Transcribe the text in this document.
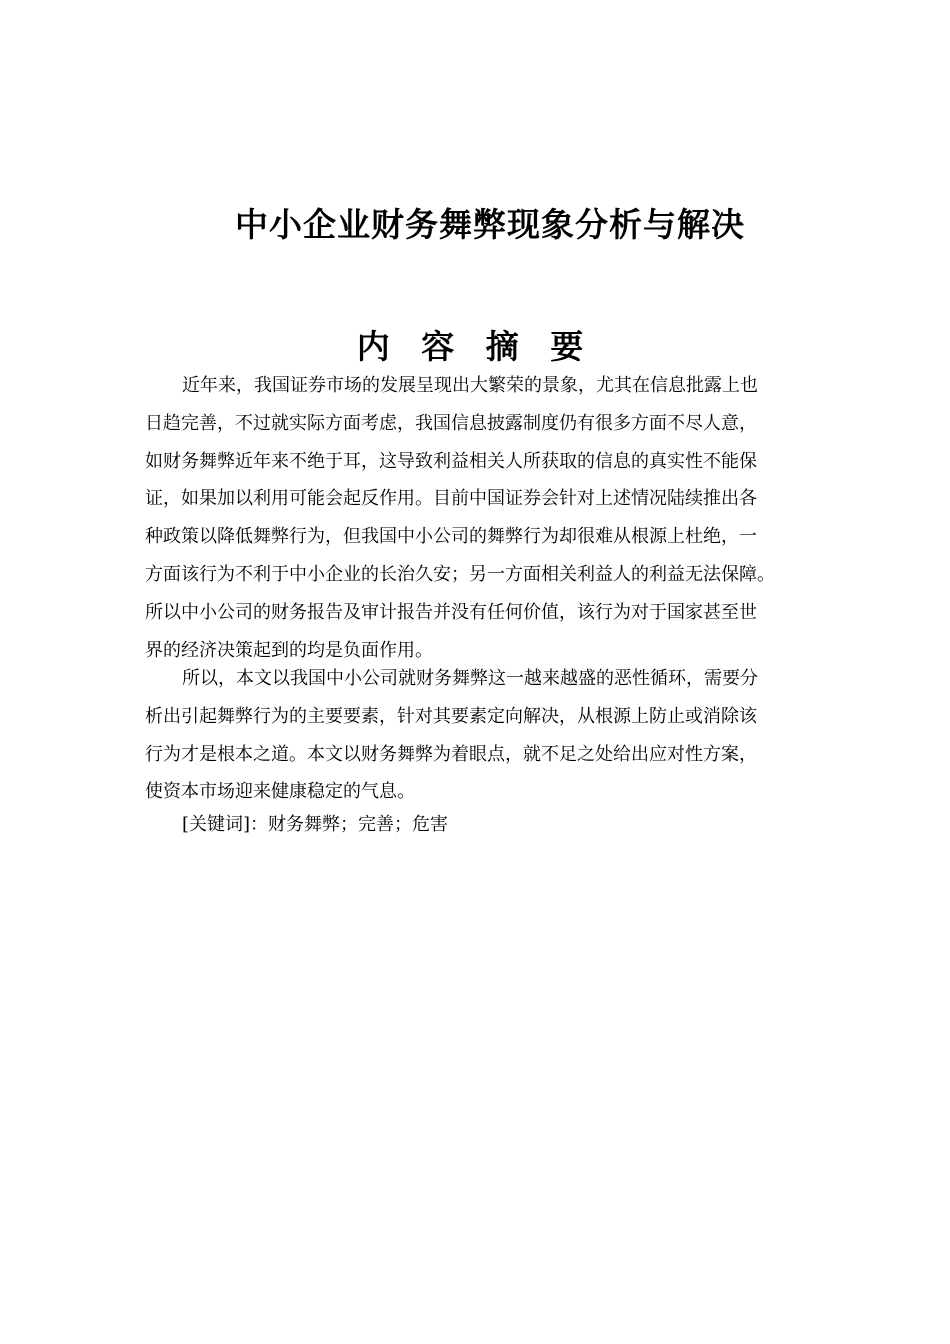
中小企业财务舞弊现象分析与解决
内 容 摘 要

近年来，我国证券市场的发展呈现出大繁荣的景象，尤其在信息批露上也
日趋完善，不过就实际方面考虑，我国信息披露制度仍有很多方面不尽人意，
如财务舞弊近年来不绝于耳，这导致利益相关人所获取的信息的真实性不能保
证，如果加以利用可能会起反作用。目前中国证券会针对上述情况陆续推出各
种政策以降低舞弊行为，但我国中小公司的舞弊行为却很难从根源上杜绝，一
方面该行为不利于中小企业的长治久安；另一方面相关利益人的利益无法保障。
所以中小公司的财务报告及审计报告并没有任何价值，该行为对于国家甚至世
界的经济决策起到的均是负面作用。

所以，本文以我国中小公司就财务舞弊这一越来越盛的恶性循环，需要分
析出引起舞弊行为的主要要素，针对其要素定向解决，从根源上防止或消除该
行为才是根本之道。本文以财务舞弊为着眼点，就不足之处给出应对性方案，
使资本市场迎来健康稳定的气息。

[关键词]：财务舞弊；完善；危害
